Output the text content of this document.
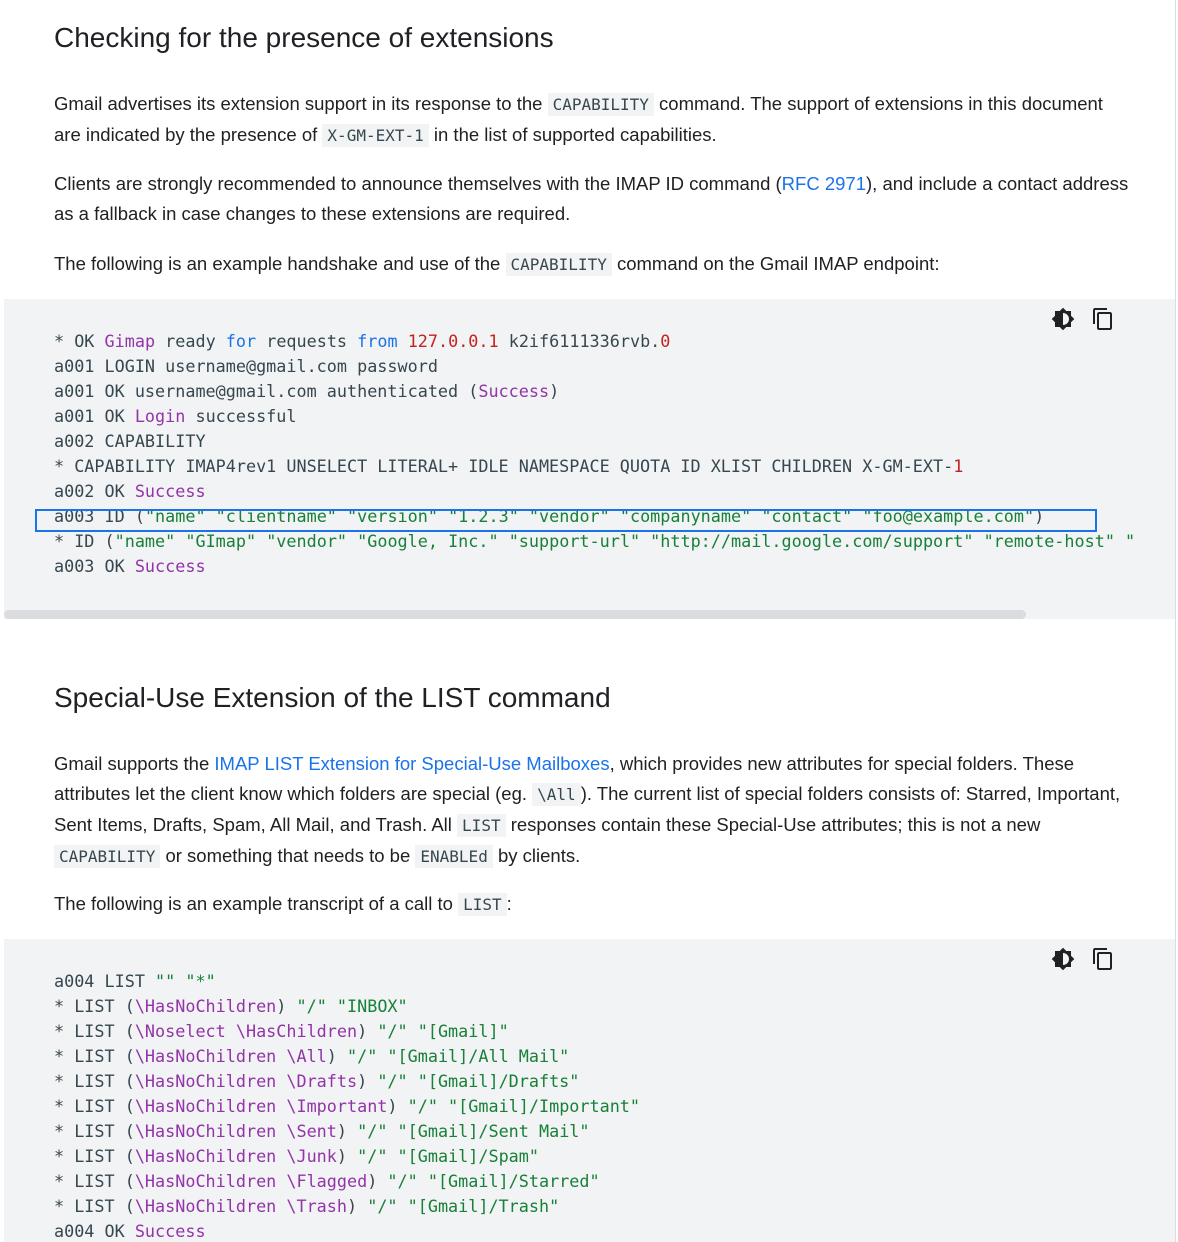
Checking for the presence of extensions

Gmail advertises its extension support in its response to the CAPABILITY command. The support of extensions in this document are indicated by the presence of X-GM-EXT-1 in the list of supported capabilities.

Clients are strongly recommended to announce themselves with the IMAP ID command (RFC 2971), and include a contact address as a fallback in case changes to these extensions are required.

The following is an example handshake and use of the CAPABILITY command on the Gmail IMAP endpoint:

* OK Gimap ready for requests from 127.0.0.1 k2if6111336rvb.0
a001 LOGIN username@gmail.com password
a001 OK username@gmail.com authenticated (Success)
a001 OK Login successful
a002 CAPABILITY
* CAPABILITY IMAP4rev1 UNSELECT LITERAL+ IDLE NAMESPACE QUOTA ID XLIST CHILDREN X-GM-EXT-1
a002 OK Success
a003 ID ("name" "clientname" "version" "1.2.3" "vendor" "companyname" "contact" "foo@example.com")
* ID ("name" "GImap" "vendor" "Google, Inc." "support-url" "http://mail.google.com/support" "remote-host" "
a003 OK Success
Special-Use Extension of the LIST command

Gmail supports the IMAP LIST Extension for Special-Use Mailboxes, which provides new attributes for special folders. These attributes let the client know which folders are special (eg. \All ). The current list of special folders consists of: Starred, Important, Sent Items, Drafts, Spam, All Mail, and Trash. All LIST responses contain these Special-Use attributes; this is not a new CAPABILITY or something that needs to be ENABLEd by clients.

The following is an example transcript of a call to LIST :

a004 LIST "" "*"
* LIST (\HasNoChildren) "/" "INBOX"
* LIST (\Noselect \HasChildren) "/" "[Gmail]"
* LIST (\HasNoChildren \All) "/" "[Gmail]/All Mail"
* LIST (\HasNoChildren \Drafts) "/" "[Gmail]/Drafts"
* LIST (\HasNoChildren \Important) "/" "[Gmail]/Important"
* LIST (\HasNoChildren \Sent) "/" "[Gmail]/Sent Mail"
* LIST (\HasNoChildren \Junk) "/" "[Gmail]/Spam"
* LIST (\HasNoChildren \Flagged) "/" "[Gmail]/Starred"
* LIST (\HasNoChildren \Trash) "/" "[Gmail]/Trash"
a004 OK Success
